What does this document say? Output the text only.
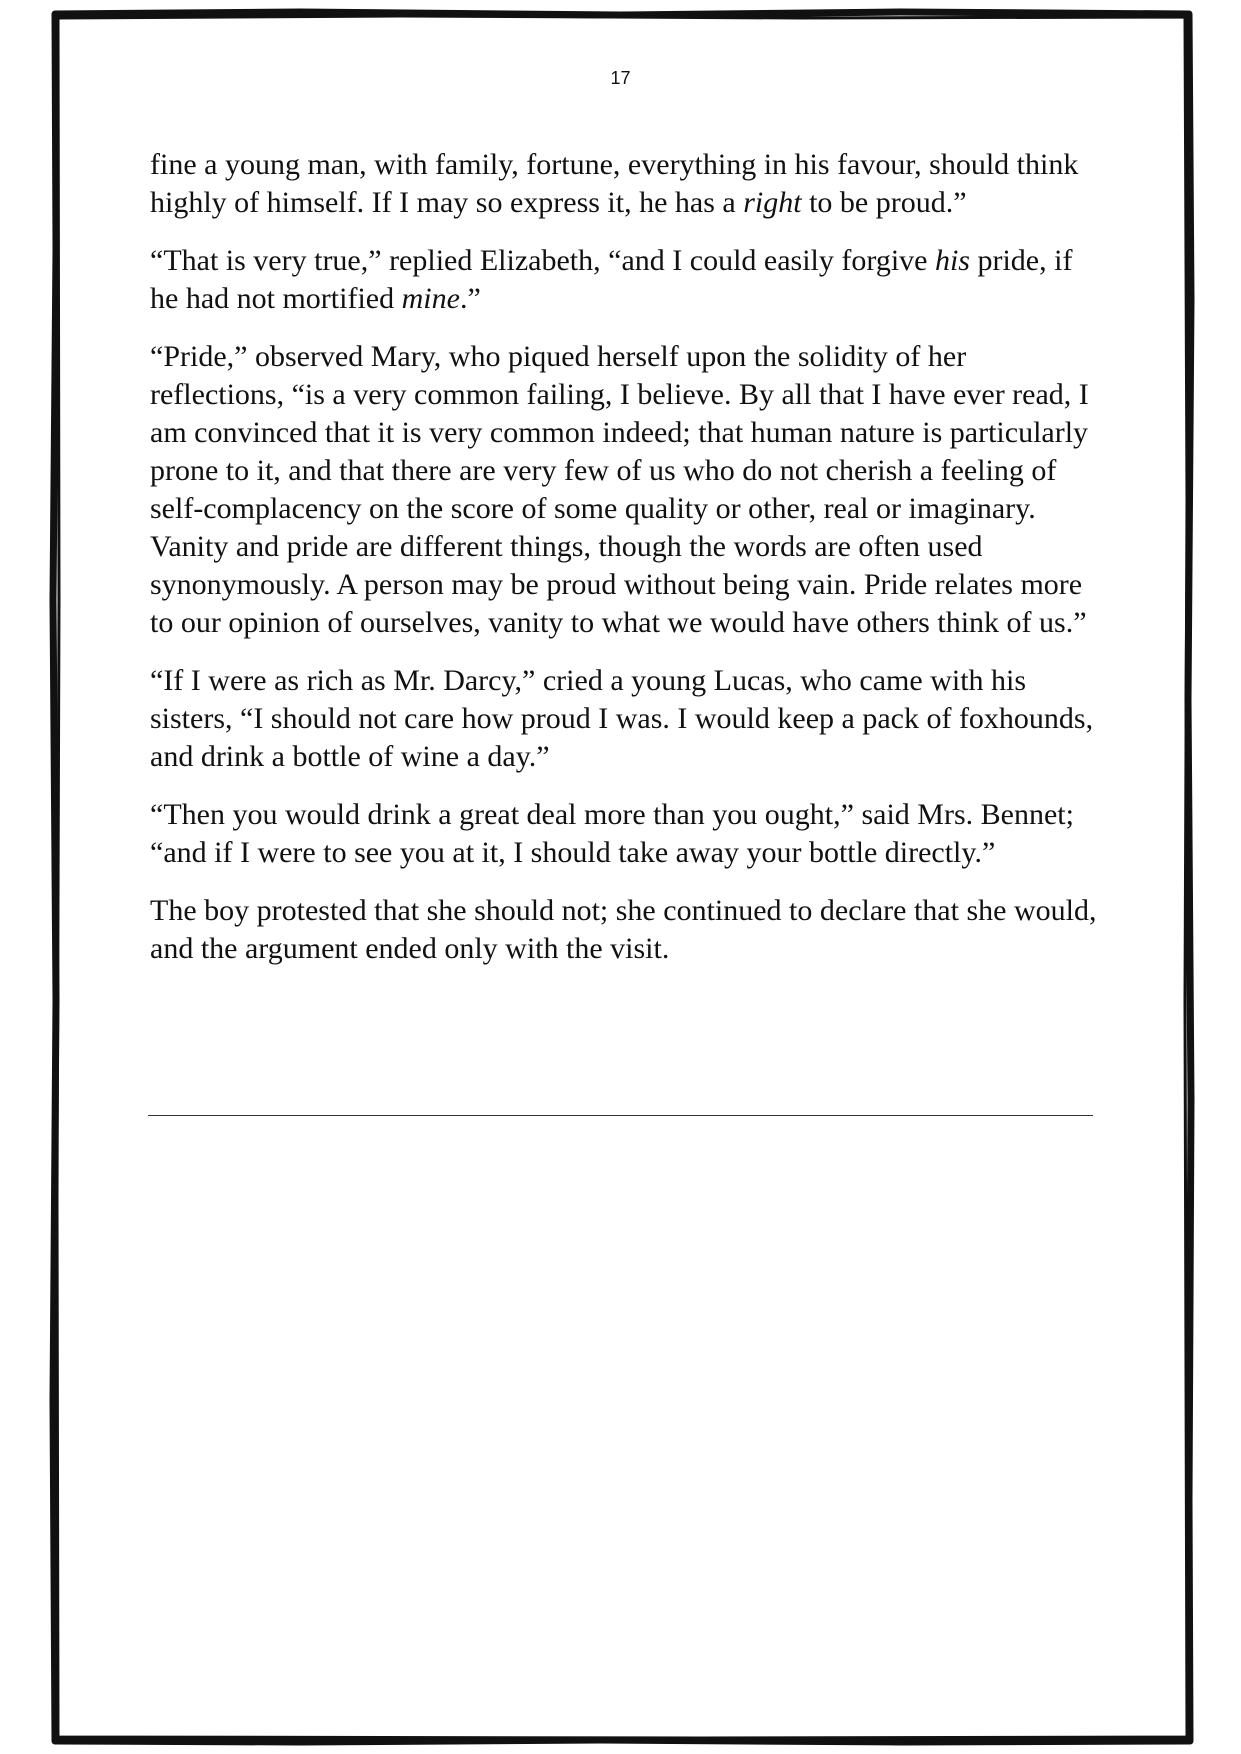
17

fine a young man, with family, fortune, everything in his favour, should think highly of himself. If I may so express it, he has a right to be proud.”

“That is very true,” replied Elizabeth, “and I could easily forgive his pride, if he had not mortified mine.”

“Pride,” observed Mary, who piqued herself upon the solidity of her reflections, “is a very common failing, I believe. By all that I have ever read, I am convinced that it is very common indeed; that human nature is particularly prone to it, and that there are very few of us who do not cherish a feeling of self-complacency on the score of some quality or other, real or imaginary. Vanity and pride are different things, though the words are often used synonymously. A person may be proud without being vain. Pride relates more to our opinion of ourselves, vanity to what we would have others think of us.”

“If I were as rich as Mr. Darcy,” cried a young Lucas, who came with his sisters, “I should not care how proud I was. I would keep a pack of foxhounds, and drink a bottle of wine a day.”

“Then you would drink a great deal more than you ought,” said Mrs. Bennet; “and if I were to see you at it, I should take away your bottle directly.”

The boy protested that she should not; she continued to declare that she would, and the argument ended only with the visit.
